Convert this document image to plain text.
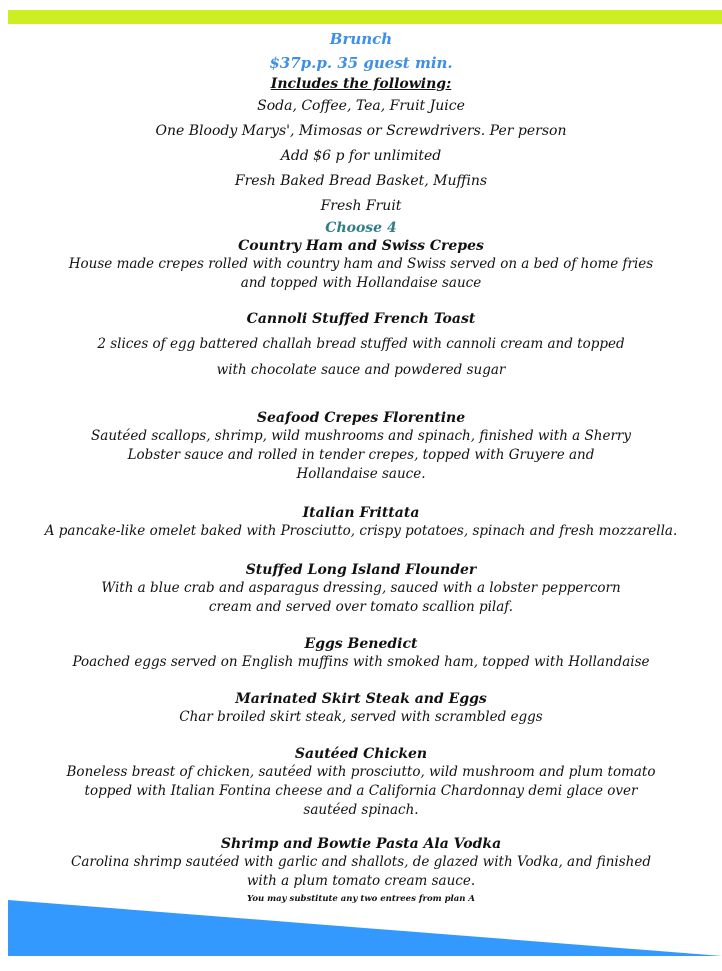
Brunch

$37p.p. 35 guest min.

Includes the following:

Soda, Coffee, Tea, Fruit Juice

One Bloody Marys', Mimosas or Screwdrivers. Per person

Add $6 p for unlimited

Fresh Baked Bread Basket, Muffins

Fresh Fruit

Choose 4

Country Ham and Swiss Crepes

House made crepes rolled with country ham and Swiss served on a bed of home fries and topped with Hollandaise sauce

Cannoli Stuffed French Toast

2 slices of egg battered challah bread stuffed with cannoli cream and topped with chocolate sauce and powdered sugar

Seafood Crepes Florentine

Sautéed scallops, shrimp, wild mushrooms and spinach, finished with a Sherry Lobster sauce and rolled in tender crepes, topped with Gruyere and Hollandaise sauce.

Italian Frittata

A pancake-like omelet baked with Prosciutto, crispy potatoes, spinach and fresh mozzarella.

Stuffed Long Island Flounder

With a blue crab and asparagus dressing, sauced with a lobster peppercorn cream and served over tomato scallion pilaf.

Eggs Benedict

Poached eggs served on English muffins with smoked ham, topped with Hollandaise

Marinated Skirt Steak and Eggs

Char broiled skirt steak, served with scrambled eggs

Sautéed Chicken

Boneless breast of chicken, sautéed with prosciutto, wild mushroom and plum tomato topped with Italian Fontina cheese and a California Chardonnay demi glace over sautéed spinach.

Shrimp and Bowtie Pasta Ala Vodka

Carolina shrimp sautéed with garlic and shallots, de glazed with Vodka, and finished with a plum tomato cream sauce.

You may substitute any two entrees from plan A
